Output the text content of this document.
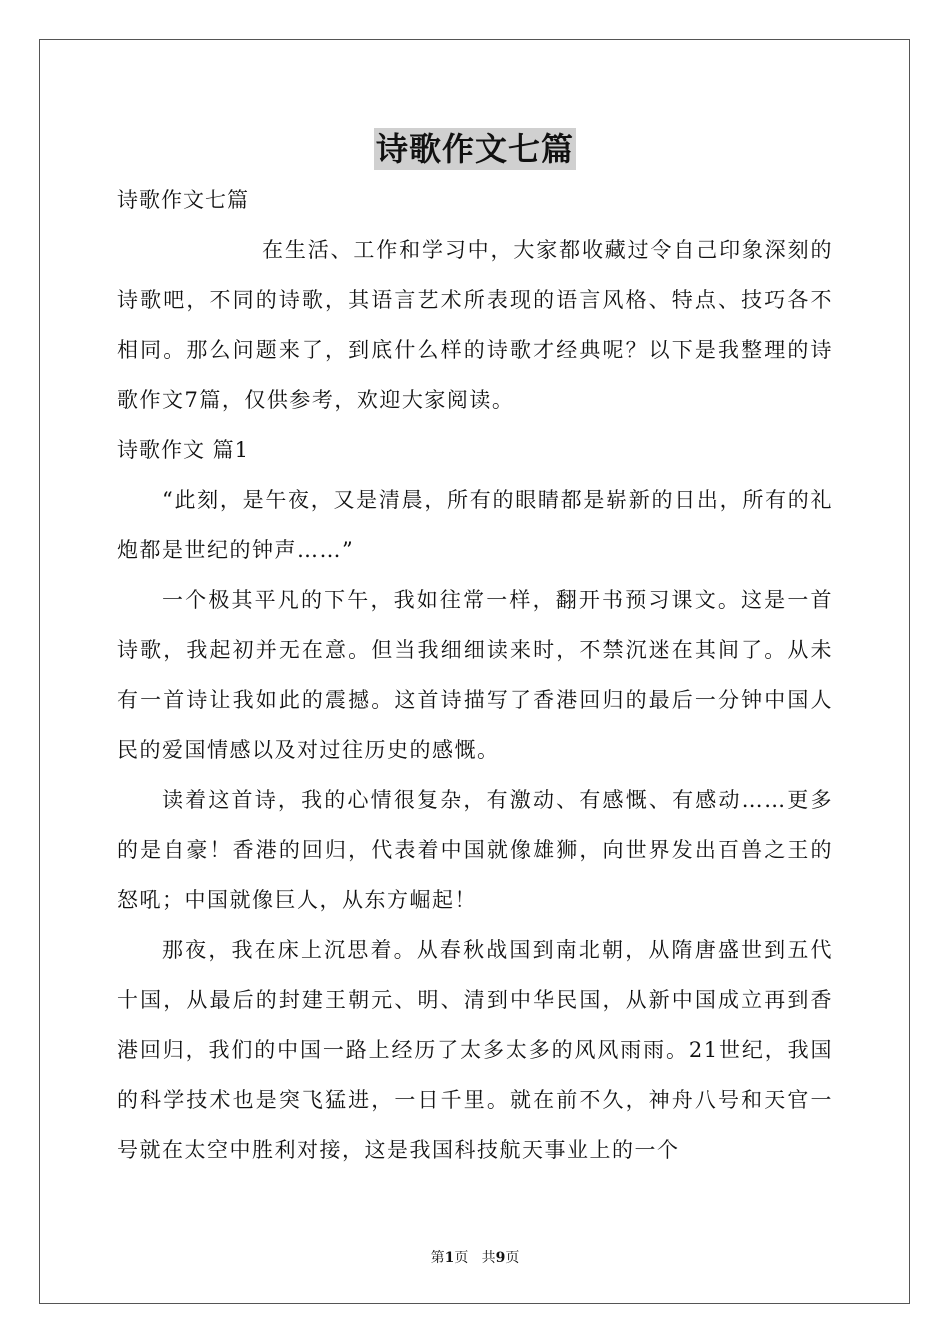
诗歌作文七篇

诗歌作文七篇

在生活、工作和学习中，大家都收藏过令自己印象深刻的诗歌吧，不同的诗歌，其语言艺术所表现的语言风格、特点、技巧各不相同。那么问题来了，到底什么样的诗歌才经典呢？以下是我整理的诗歌作文7篇，仅供参考，欢迎大家阅读。

诗歌作文 篇1

“此刻，是午夜，又是清晨，所有的眼睛都是崭新的日出，所有的礼炮都是世纪的钟声……”

一个极其平凡的下午，我如往常一样，翻开书预习课文。这是一首诗歌，我起初并无在意。但当我细细读来时，不禁沉迷在其间了。从未有一首诗让我如此的震撼。这首诗描写了香港回归的最后一分钟中国人民的爱国情感以及对过往历史的感慨。

读着这首诗，我的心情很复杂，有激动、有感慨、有感动……更多的是自豪！香港的回归，代表着中国就像雄狮，向世界发出百兽之王的怒吼；中国就像巨人，从东方崛起！

那夜，我在床上沉思着。从春秋战国到南北朝，从隋唐盛世到五代十国，从最后的封建王朝元、明、清到中华民国，从新中国成立再到香港回归，我们的中国一路上经历了太多太多的风风雨雨。21世纪，我国的科学技术也是突飞猛进，一日千里。就在前不久，神舟八号和天官一号就在太空中胜利对接，这是我国科技航天事业上的一个

第1页 共9页
